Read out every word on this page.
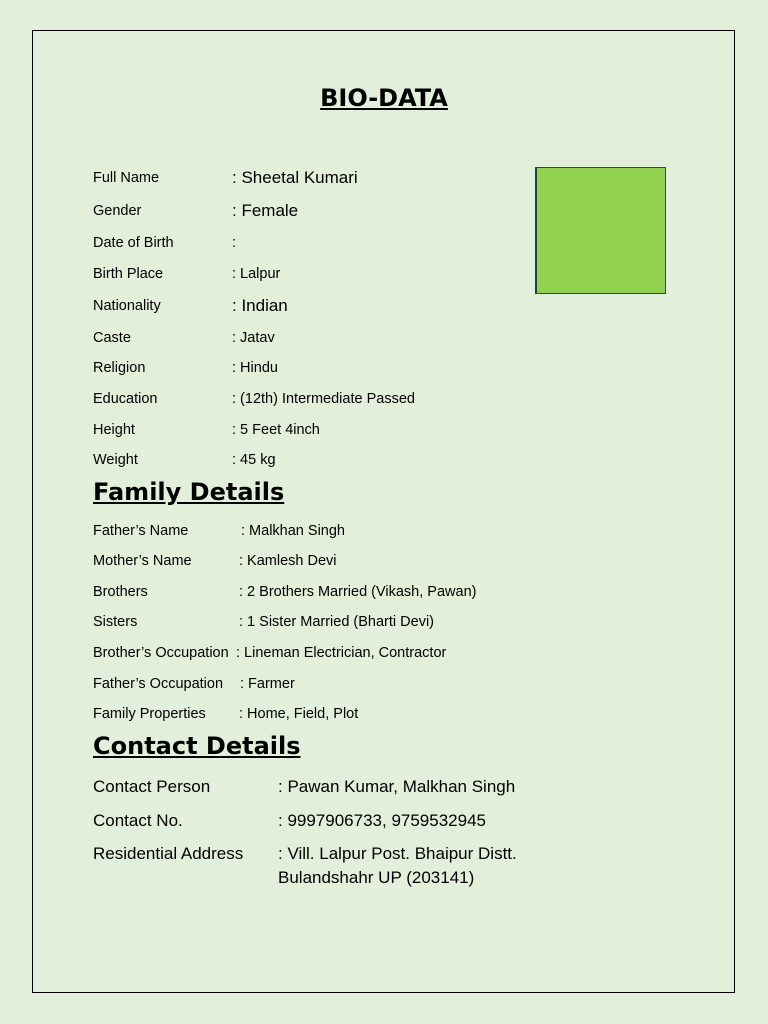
BIO-DATA
Full Name	: Sheetal Kumari
Gender	: Female
Date of Birth	:
Birth Place	: Lalpur
Nationality	: Indian
Caste	: Jatav
Religion	: Hindu
Education	: (12th) Intermediate Passed
Height	: 5 Feet 4inch
Weight	: 45 kg
Family Details
Father’s Name	: Malkhan Singh
Mother’s Name	: Kamlesh Devi
Brothers	: 2 Brothers Married (Vikash, Pawan)
Sisters	: 1 Sister Married (Bharti Devi)
Brother’s Occupation : Lineman Electrician, Contractor
Father’s Occupation : Farmer
Family Properties : Home, Field, Plot
Contact Details
Contact Person	: Pawan Kumar, Malkhan Singh
Contact No.	: 9997906733, 9759532945
Residential Address : Vill. Lalpur Post. Bhaipur Distt.
Bulandshahr UP (203141)
